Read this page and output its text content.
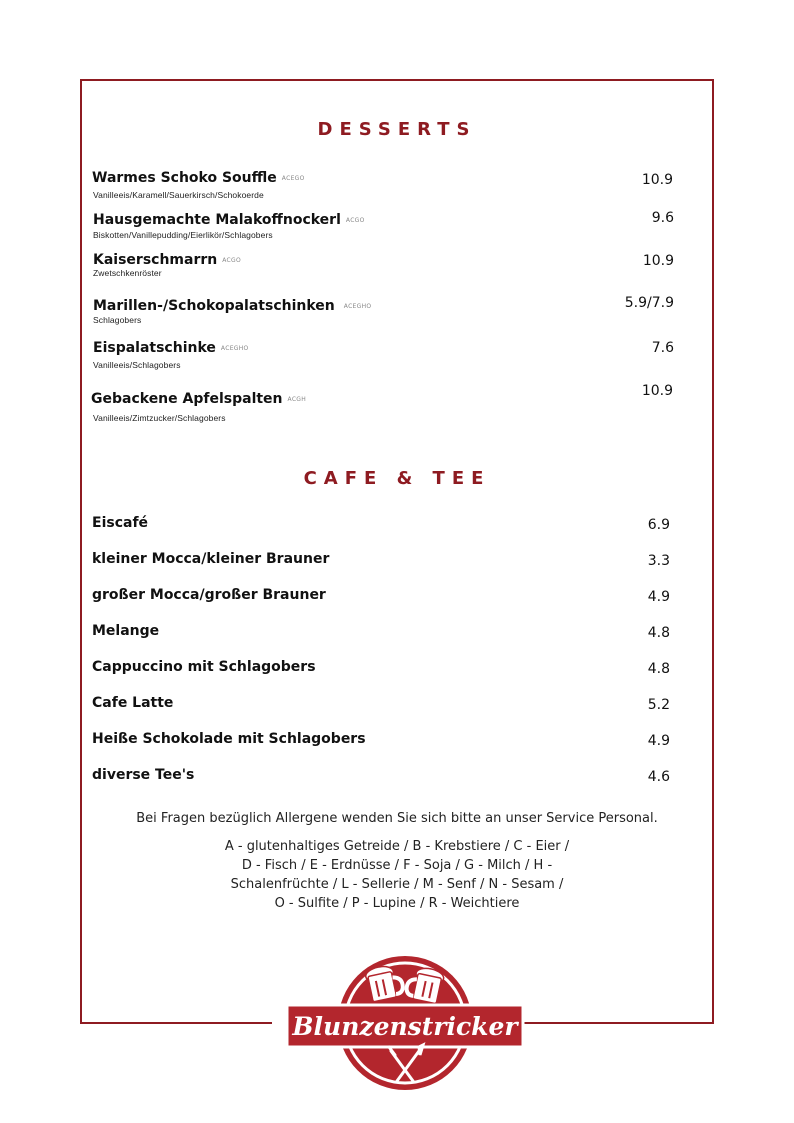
DESSERTS
Warmes Schoko Souffle ACEGO
Vanilleeis/Karamell/Sauerkirsch/Schokoerde
10.9
Hausgemachte Malakoffnockerl ACGO
Biskotten/Vanillepudding/Eierlikör/Schlagobers
9.6
Kaiserschmarrn ACGO
Zwetschkenröster
10.9
Marillen-/Schokopalatschinken ACEGHO
Schlagobers
5.9/7.9
Eispalatschinke ACEGHO
Vanilleeis/Schlagobers
7.6
Gebackene Apfelspalten ACGH
Vanilleeis/Zimtzucker/Schlagobers
10.9
CAFE & TEE
Eiscafé	6.9
kleiner Mocca/kleiner Brauner	3.3
großer Mocca/großer Brauner	4.9
Melange	4.8
Cappuccino mit Schlagobers	4.8
Cafe Latte	5.2
Heiße Schokolade mit Schlagobers	4.9
diverse Tee's	4.6
Bei Fragen bezüglich Allergene wenden Sie sich bitte an unser Service Personal.
A - glutenhaltiges Getreide / B - Krebstiere / C - Eier /
D - Fisch / E - Erdnüsse / F - Soja / G - Milch / H -
Schalenfrüchte / L - Sellerie / M - Senf / N - Sesam /
O - Sulfite / P - Lupine / R - Weichtiere
Blunzenstricker
